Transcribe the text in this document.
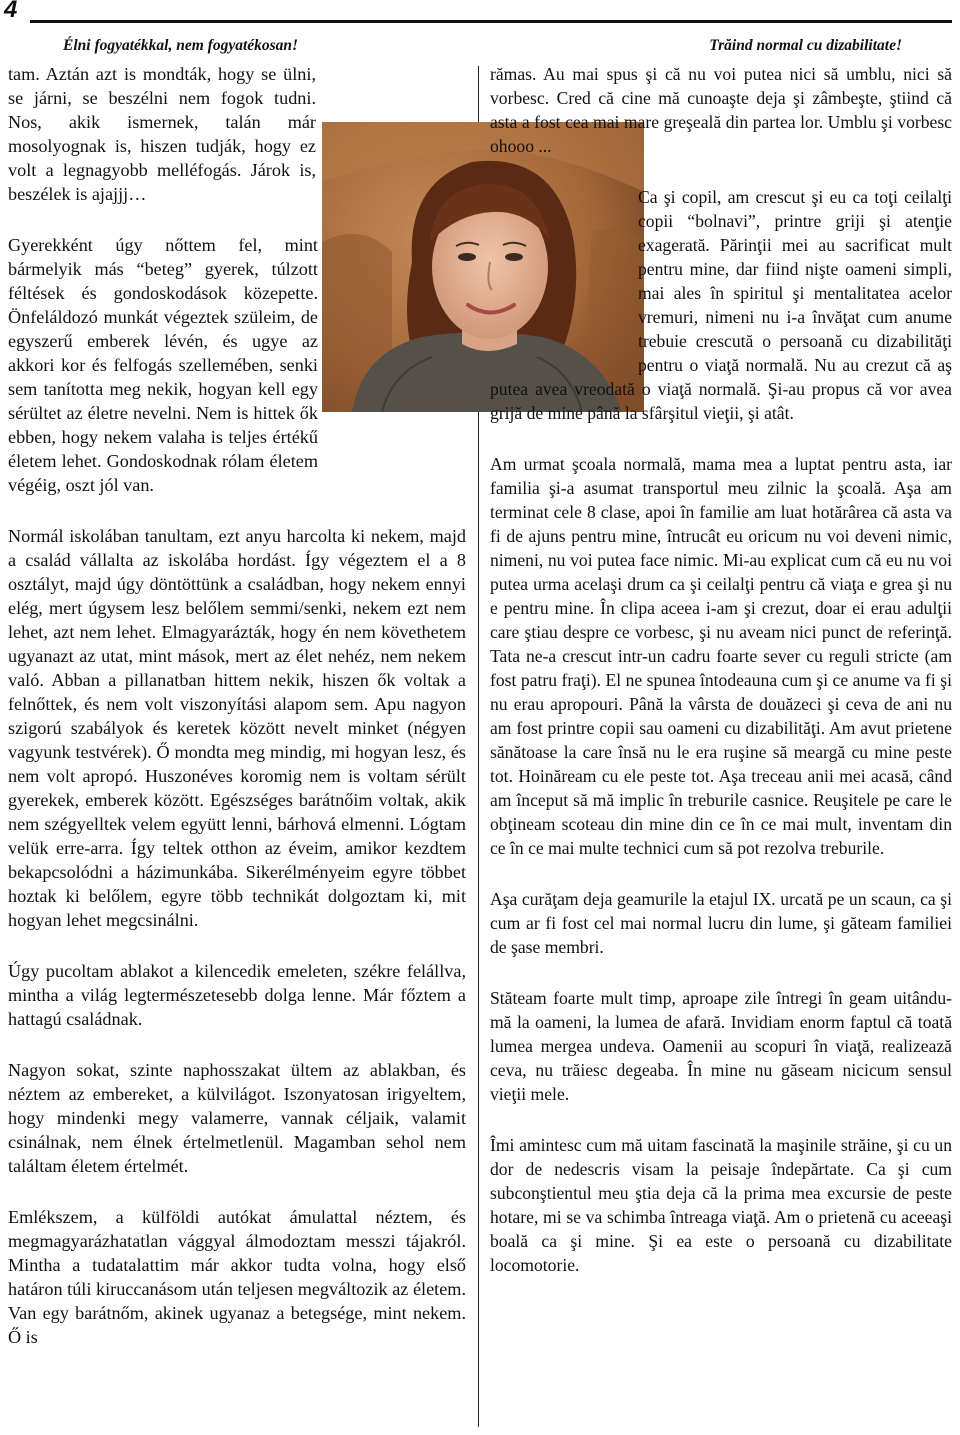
4
Élni fogyatékkal, nem fogyatékosan!	Trăind normal cu dizabilitate!

tam. Aztán azt is mondták, hogy se ülni, se járni, se beszélni nem fogok tudni. Nos, akik ismernek, talán már mosolyognak is, hiszen tudják, hogy ez volt a legnagyobb melléfogás. Járok is, beszélek is ajajjj…

Gyerekként úgy nőttem fel, mint bármelyik más “beteg” gyerek, túlzott féltések és gondoskodások közepette. Önfeláldozó munkát végeztek szüleim, de egyszerű emberek lévén, és ugye az akkori kor és felfogás szellemében, senki sem tanította meg nekik, hogyan kell egy sérültet az életre nevelni. Nem is hittek ők ebben, hogy nekem valaha is teljes értékű életem lehet. Gondoskodnak rólam életem végéig, oszt jól van.

Normál iskolában tanultam, ezt anyu harcolta ki nekem, majd a család vállalta az iskolába hordást. Így végeztem el a 8 osztályt, majd úgy döntöttünk a családban, hogy nekem ennyi elég, mert úgysem lesz belőlem semmi/senki, nekem ezt nem lehet, azt nem lehet. Elmagyarázták, hogy én nem követhetem ugyanazt az utat, mint mások, mert az élet nehéz, nem nekem való. Abban a pillanatban hittem nekik, hiszen ők voltak a felnőttek, és nem volt viszonyítási alapom sem. Apu nagyon szigorú szabályok és keretek között nevelt minket (négyen vagyunk testvérek). Ő mondta meg mindig, mi hogyan lesz, és nem volt apropó. Huszonéves koromig nem is voltam sérült gyerekek, emberek között. Egészséges barátnőim voltak, akik nem szégyelltek velem együtt lenni, bárhová elmenni. Lógtam velük erre-arra. Így teltek otthon az éveim, amikor kezdtem bekapcsolódni a házimunkába. Sikerélményeim egyre többet hoztak ki belőlem, egyre több technikát dolgoztam ki, mit hogyan lehet megcsinálni.

Úgy pucoltam ablakot a kilencedik emeleten, székre felállva, mintha a világ legtermészetesebb dolga lenne. Már főztem a hattagú családnak.

Nagyon sokat, szinte naphosszakat ültem az ablakban, és néztem az embereket, a külvilágot. Iszonyatosan irigyeltem, hogy mindenki megy valamerre, vannak céljaik, valamit csinálnak, nem élnek értelmetlenül. Magamban sehol nem találtam életem értelmét.

Emlékszem, a külföldi autókat ámulattal néztem, és megmagyarázhatatlan vággyal álmodoztam messzi tájakról. Mintha a tudatalattim már akkor tudta volna, hogy első határon túli kiruccanásom után teljesen megváltozik az életem. Van egy barátnőm, akinek ugyanaz a betegsége, mint nekem. Ő is

rămas. Au mai spus şi că nu voi putea nici să umblu, nici să vorbesc. Cred că cine mă cunoaşte deja şi zâmbeşte, ştiind că asta a fost cea mai mare greşeală din partea lor. Umblu şi vorbesc ohooo ...

Ca şi copil, am crescut şi eu ca toţi ceilalţi copii “bolnavi”, printre griji şi atenţie exagerată. Părinţii mei au sacrificat mult pentru mine, dar fiind nişte oameni simpli, mai ales în spiritul şi mentalitatea acelor vremuri, nimeni nu i-a învăţat cum anume trebuie crescută o persoană cu dizabilităţi pentru o viaţă normală. Nu au crezut că aş putea avea vreodată o viaţă normală. Şi-au propus că vor avea grijă de mine până la sfârşitul vieţii, şi atât.

Am urmat şcoala normală, mama mea a luptat pentru asta, iar familia şi-a asumat transportul meu zilnic la şcoală. Aşa am terminat cele 8 clase, apoi în familie am luat hotărârea că asta va fi de ajuns pentru mine, întrucât eu oricum nu voi deveni nimic, nimeni, nu voi putea face nimic. Mi-au explicat cum că eu nu voi putea urma acelaşi drum ca şi ceilalţi pentru că viaţa e grea şi nu e pentru mine. În clipa aceea i-am şi crezut, doar ei erau adulţii care ştiau despre ce vorbesc, şi nu aveam nici punct de referinţă. Tata ne-a crescut intr-un cadru foarte sever cu reguli stricte (am fost patru fraţi). El ne spunea întodeauna cum şi ce anume va fi şi nu erau apropouri. Până la vârsta de douăzeci şi ceva de ani nu am fost printre copii sau oameni cu dizabilităţi. Am avut prietene sănătoase la care însă nu le era ruşine să meargă cu mine peste tot. Hoinăream cu ele peste tot. Aşa treceau anii mei acasă, când am început să mă implic în treburile casnice. Reuşitele pe care le obţineam scoteau din mine din ce în ce mai mult, inventam din ce în ce mai multe technici cum să pot rezolva treburile.

Aşa curăţam deja geamurile la etajul IX. urcată pe un scaun, ca şi cum ar fi fost cel mai normal lucru din lume, şi găteam familiei de şase membri.

Stăteam foarte mult timp, aproape zile întregi în geam uitându-mă la oameni, la lumea de afară. Invidiam enorm faptul că toată lumea mergea undeva. Oamenii au scopuri în viaţă, realizează ceva, nu trăiesc degeaba. În mine nu găseam nicicum sensul vieţii mele.

Îmi amintesc cum mă uitam fascinată la maşinile străine, şi cu un dor de nedescris visam la peisaje îndepărtate. Ca şi cum subconştientul meu ştia deja că la prima mea excursie de peste hotare, mi se va schimba întreaga viaţă. Am o prietenă cu aceeaşi boală ca şi mine. Şi ea este o persoană cu dizabilitate locomotorie.
